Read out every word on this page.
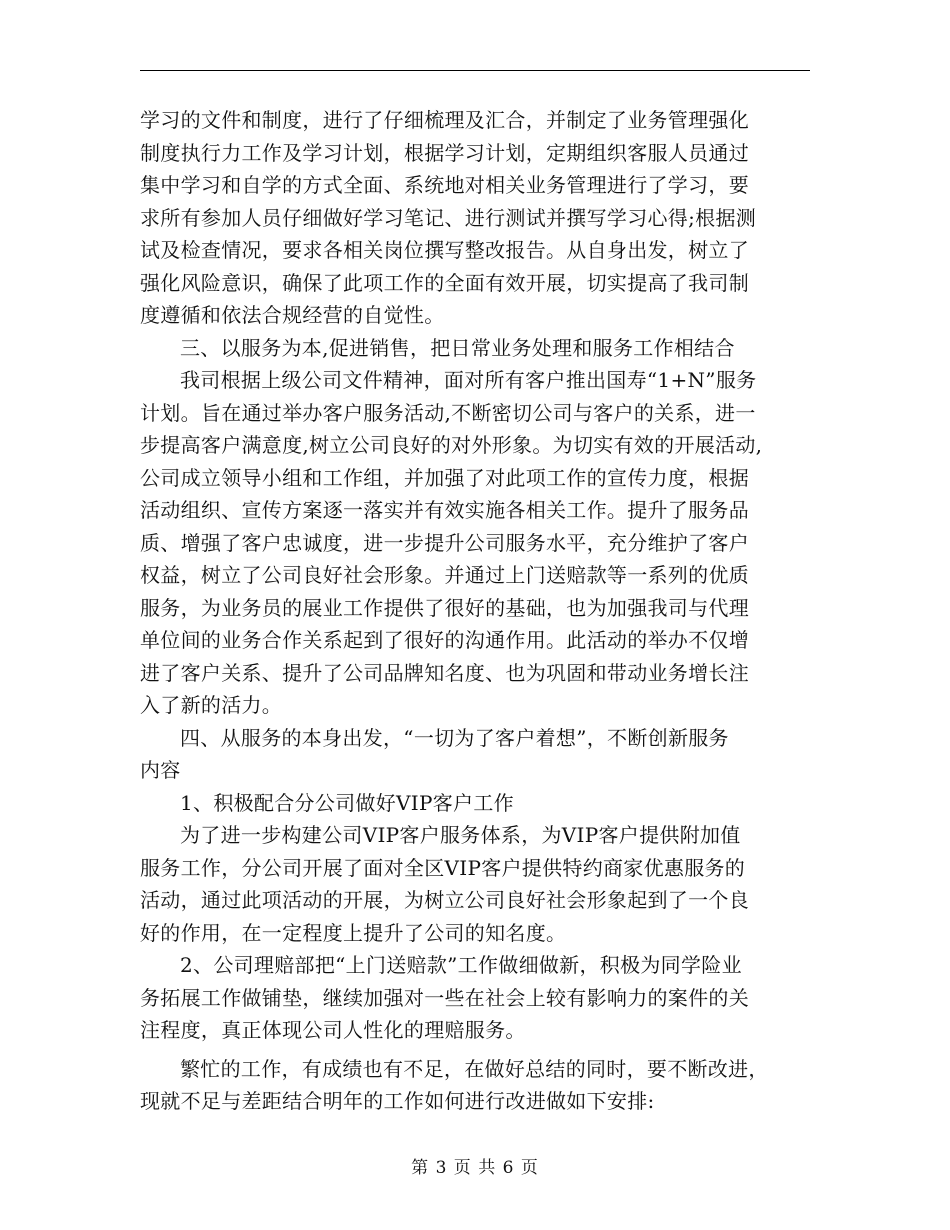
学习的文件和制度，进行了仔细梳理及汇合，并制定了业务管理强化
制度执行力工作及学习计划，根据学习计划，定期组织客服人员通过
集中学习和自学的方式全面、系统地对相关业务管理进行了学习，要
求所有参加人员仔细做好学习笔记、进行测试并撰写学习心得;根据测
试及检查情况，要求各相关岗位撰写整改报告。从自身出发，树立了
强化风险意识，确保了此项工作的全面有效开展，切实提高了我司制
度遵循和依法合规经营的自觉性。
三、以服务为本,促进销售，把日常业务处理和服务工作相结合
我司根据上级公司文件精神，面对所有客户推出国寿“1+N”服务
计划。旨在通过举办客户服务活动,不断密切公司与客户的关系，进一
步提高客户满意度,树立公司良好的对外形象。为切实有效的开展活动,
公司成立领导小组和工作组，并加强了对此项工作的宣传力度，根据
活动组织、宣传方案逐一落实并有效实施各相关工作。提升了服务品
质、增强了客户忠诚度，进一步提升公司服务水平，充分维护了客户
权益，树立了公司良好社会形象。并通过上门送赔款等一系列的优质
服务，为业务员的展业工作提供了很好的基础，也为加强我司与代理
单位间的业务合作关系起到了很好的沟通作用。此活动的举办不仅增
进了客户关系、提升了公司品牌知名度、也为巩固和带动业务增长注
入了新的活力。
四、从服务的本身出发，“一切为了客户着想”，不断创新服务
内容
1、积极配合分公司做好VIP客户工作
为了进一步构建公司VIP客户服务体系，为VIP客户提供附加值
服务工作，分公司开展了面对全区VIP客户提供特约商家优惠服务的
活动，通过此项活动的开展，为树立公司良好社会形象起到了一个良
好的作用，在一定程度上提升了公司的知名度。
2、公司理赔部把“上门送赔款”工作做细做新，积极为同学险业
务拓展工作做铺垫，继续加强对一些在社会上较有影响力的案件的关
注程度，真正体现公司人性化的理赔服务。
繁忙的工作，有成绩也有不足，在做好总结的同时，要不断改进，
现就不足与差距结合明年的工作如何进行改进做如下安排:
第 3 页 共 6 页
